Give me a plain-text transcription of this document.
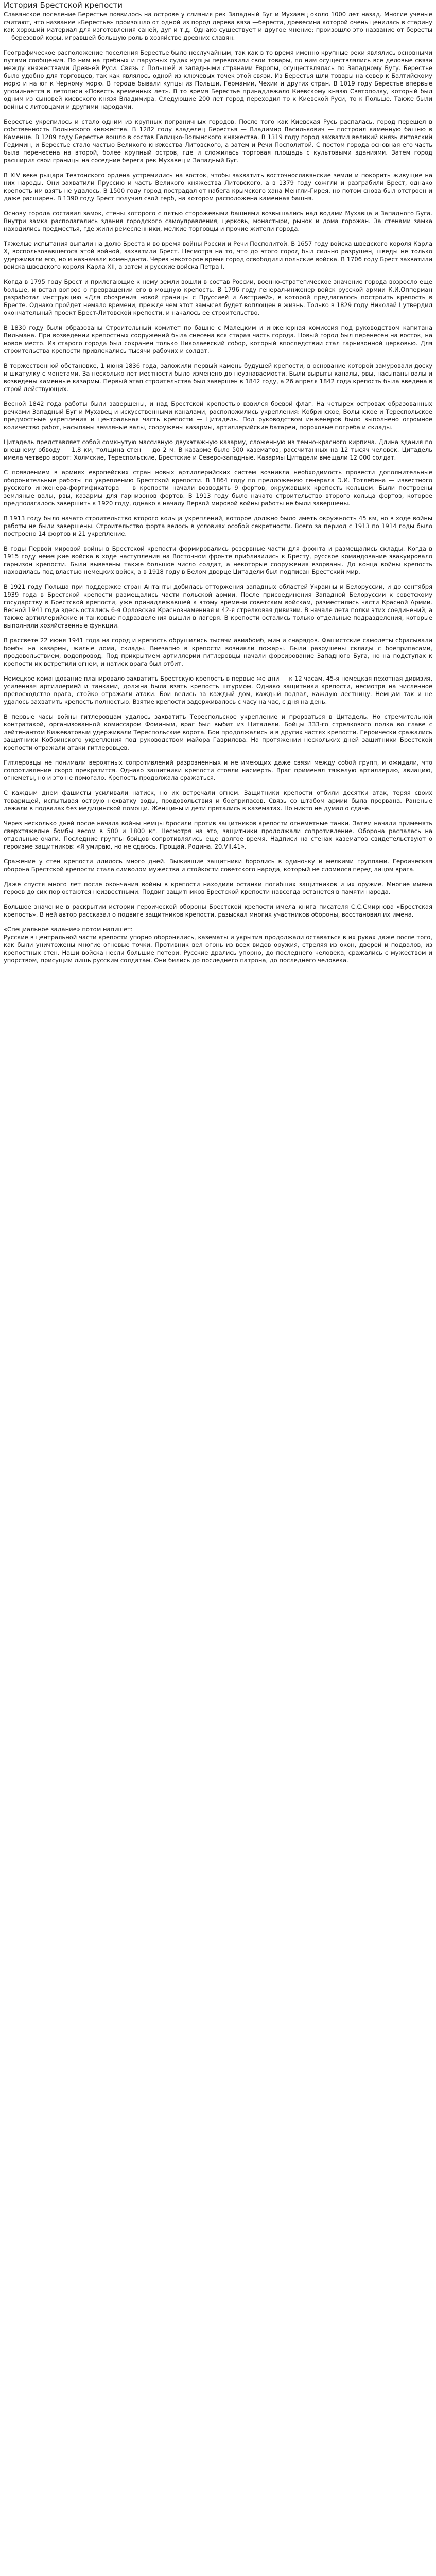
История Брестской крепости

Славянское поселение Берестье появилось на острове у слияния рек Западный Буг и Мухавец около 1000 лет назад. Многие ученые считают, что название «Берестье» произошло от одной из пород дерева вяза —береста, древесина которой очень ценилась в старину как хороший материал для изготовления саней, дуг и т.д. Однако существует и другое мнение: произошло это название от бересты — березовой коры, игравшей большую роль в хозяйстве древних славян.

Географическое расположение поселения Берестье было неслучайным, так как в то время именно крупные реки являлись основными путями сообщения. По ним на гребных и парусных судах купцы перевозили свои товары, по ним осуществлялись все деловые связи между княжествами Древней Руси. Связь с Польшей и западными странами Европы, осуществлялась по Западному Бугу. Берестье было удобно для торговцев, так как являлось одной из ключевых точек этой связи. Из Берестья шли товары на север к Балтийскому морю и на юг к Черному морю. В городе бывали купцы из Польши, Германии, Чехии и других стран. В 1019 году Берестье впервые упоминается в летописи «Повесть временных лет». В то время Берестье принадлежало Киевскому князю Святополку, который был одним из сыновей киевского князя Владимира. Следующие 200 лет город переходил то к Киевской Руси, то к Польше. Также были войны с литовцами и другими народами.

Берестье укрепилось и стало одним из крупных пограничных городов. После того как Киевская Русь распалась, город перешел в собственность Волынского княжества. В 1282 году владелец Берестья — Владимир Василькович — построил каменную башню в Каменце. В 1289 году Берестье вошло в состав Галицко-Волынского княжества. В 1319 году город захватил великий князь литовский Гедимин, и Берестье стало частью Великого княжества Литовского, а затем и Речи Посполитой. С постом города основная его часть была перенесена на второй, более крупный остров, где и сложилась торговая площадь с культовыми зданиями. Затем город расширил свои границы на соседние берега рек Мухавец и Западный Буг.

В XIV веке рыцари Тевтонского ордена устремились на восток, чтобы захватить восточнославянские земли и покорить живущие на них народы. Они захватили Пруссию и часть Великого княжества Литовского, а в 1379 году сожгли и разграбили Брест, однако крепость им взять не удалось. В 1500 году город пострадал от набега крымского хана Менгли-Гирея, но потом снова был отстроен и даже расширен. В 1390 году Брест получил свой герб, на котором расположена каменная башня.

Основу города составил замок, стены которого с пятью сторожевыми башнями возвышались над водами Мухавца и Западного Буга. Внутри замка располагались здания городского самоуправления, церковь, монастыри, рынок и дома горожан. За стенами замка находились предместья, где жили ремесленники, мелкие торговцы и прочие жители города.

Тяжелые испытания выпали на долю Бреста и во время войны России и Речи Посполитой. В 1657 году войска шведского короля Карла X, воспользовавшегося этой войной, захватили Брест. Несмотря на то, что до этого город был сильно разрушен, шведы не только удерживали его, но и назначали коменданта. Через некоторое время город освободили польские войска. В 1706 году Брест захватили войска шведского короля Карла XII, а затем и русские войска Петра I.

Когда в 1795 году Брест и прилегающие к нему земли вошли в состав России, военно-стратегическое значение города возросло еще больше, и встал вопрос о превращении его в мощную крепость. В 1796 году генерал-инженер войск русской армии К.И.Опперман разработал инструкцию «Для обозрения новой границы с Пруссией и Австрией», в которой предлагалось построить крепость в Бресте. Однако пройдет немало времени, прежде чем этот замысел будет воплощен в жизнь. Только в 1829 году Николай I утвердил окончательный проект Брест-Литовской крепости, и началось ее строительство.

В 1830 году были образованы Строительный комитет по башне с Малецким и инженерная комиссия под руководством капитана Вильмана. При возведении крепостных сооружений была снесена вся старая часть города. Новый город был перенесен на восток, на новое место. Из старого города был сохранен только Николаевский собор, который впоследствии стал гарнизонной церковью. Для строительства крепости привлекались тысячи рабочих и солдат.

В торжественной обстановке, 1 июня 1836 года, заложили первый камень будущей крепости, в основание которой замуровали доску и шкатулку с монетами. За несколько лет местности было изменено до неузнаваемости. Были вырыты каналы, рвы, насыпаны валы и возведены каменные казармы. Первый этап строительства был завершен в 1842 году, а 26 апреля 1842 года крепость была введена в строй действующих.

Весной 1842 года работы были завершены, и над Брестской крепостью взвился боевой флаг. На четырех островах образованных речками Западный Буг и Мухавец и искусственными каналами, расположились укрепления: Кобринское, Волынское и Тереспольское предмостные укрепления и центральная часть крепости — Цитадель. Под руководством инженеров было выполнено огромное количество работ, насыпаны земляные валы, сооружены казармы, артиллерийские батареи, пороховые погреба и склады.

Цитадель представляет собой сомкнутую массивную двухэтажную казарму, сложенную из темно-красного кирпича. Длина здания по внешнему обводу — 1,8 км, толщина стен — до 2 м. В казарме было 500 казематов, рассчитанных на 12 тысяч человек. Цитадель имела четверо ворот: Холмские, Тереспольские, Брестские и Северо-западные. Казармы Цитадели вмещали 12 000 солдат.

С появлением в армиях европейских стран новых артиллерийских систем возникла необходимость провести дополнительные оборонительные работы по укреплению Брестской крепости. В 1864 году по предложению генерала Э.И. Тотлебена — известного русского инженера-фортификатора — в крепости начали возводить 9 фортов, окружавших крепость кольцом. Были построены земляные валы, рвы, казармы для гарнизонов фортов. В 1913 году было начато строительство второго кольца фортов, которое предполагалось завершить к 1920 году, однако к началу Первой мировой войны работы не были завершены.

В 1913 году было начато строительство второго кольца укреплений, которое должно было иметь окружность 45 км, но в ходе войны работы не были завершены. Строительство форта велось в условиях особой секретности. Всего за период с 1913 по 1914 годы было построено 14 фортов и 21 укрепление.

В годы Первой мировой войны в Брестской крепости формировались резервные части для фронта и размещались склады. Когда в 1915 году немецкие войска в ходе наступления на Восточном фронте приблизились к Бресту, русское командование эвакуировало гарнизон крепости. Были вывезены также большое число солдат, а некоторые сооружения взорваны. До конца войны крепость находилась под властью немецких войск, а в 1918 году в Белом дворце Цитадели был подписан Брестский мир.

В 1921 году Польша при поддержке стран Антанты добилась отторжения западных областей Украины и Белоруссии, и до сентября 1939 года в Брестской крепости размещались части польской армии. После присоединения Западной Белоруссии к советскому государству в Брестской крепости, уже принадлежавшей к этому времени советским войскам, разместились части Красной Армии. Весной 1941 года здесь остались 6-я Орловская Краснознаменная и 42-я стрелковая дивизии. В начале лета полки этих соединений, а также артиллерийские и танковые подразделения вышли в лагеря. В крепости остались только отдельные подразделения, которые выполняли хозяйственные функции.

В рассвете 22 июня 1941 года на город и крепость обрушились тысячи авиабомб, мин и снарядов. Фашистские самолеты сбрасывали бомбы на казармы, жилые дома, склады. Внезапно в крепости возникли пожары. Были разрушены склады с боеприпасами, продовольствием, водопровод. Под прикрытием артиллерии гитлеровцы начали форсирование Западного Буга, но на подступах к крепости их встретили огнем, и натиск врага был отбит.

Немецкое командование планировало захватить Брестскую крепость в первые же дни — к 12 часам. 45-я немецкая пехотная дивизия, усиленная артиллерией и танками, должна была взять крепость штурмом. Однако защитники крепости, несмотря на численное превосходство врага, стойко отражали атаки. Бои велись за каждый дом, каждый подвал, каждую лестницу. Немцам так и не удалось захватить крепость полностью. Взятие крепости задерживалось с часу на час, с дня на день.

В первые часы войны гитлеровцам удалось захватить Тереспольское укрепление и прорваться в Цитадель. Но стремительной контратакой, организованной комиссаром Фоминым, враг был выбит из Цитадели. Бойцы 333-го стрелкового полка во главе с лейтенантом Кижеватовым удерживали Тереспольские ворота. Бои продолжались и в других частях крепости. Героически сражались защитники Кобринского укрепления под руководством майора Гаврилова. На протяжении нескольких дней защитники Брестской крепости отражали атаки гитлеровцев.

Гитлеровцы не понимали вероятных сопротивлений разрозненных и не имеющих даже связи между собой групп, и ожидали, что сопротивление скоро прекратится. Однако защитники крепости стояли насмерть. Враг применял тяжелую артиллерию, авиацию, огнеметы, но и это не помогало. Крепость продолжала сражаться.

С каждым днем фашисты усиливали натиск, но их встречали огнем. Защитники крепости отбили десятки атак, теряя своих товарищей, испытывая острую нехватку воды, продовольствия и боеприпасов. Связь со штабом армии была прервана. Раненые лежали в подвалах без медицинской помощи. Женщины и дети прятались в казематах. Но никто не думал о сдаче.

Через несколько дней после начала войны немцы бросили против защитников крепости огнеметные танки. Затем начали применять сверхтяжелые бомбы весом в 500 и 1800 кг. Несмотря на это, защитники продолжали сопротивление. Оборона распалась на отдельные очаги. Последние группы бойцов сопротивлялись еще долгое время. Надписи на стенах казематов свидетельствуют о героизме защитников: «Я умираю, но не сдаюсь. Прощай, Родина. 20.VII.41».

Сражение у стен крепости длилось много дней. Выжившие защитники боролись в одиночку и мелкими группами. Героическая оборона Брестской крепости стала символом мужества и стойкости советского народа, который не сломился перед лицом врага.

Даже спустя много лет после окончания войны в крепости находили останки погибших защитников и их оружие. Многие имена героев до сих пор остаются неизвестными. Подвиг защитников Брестской крепости навсегда останется в памяти народа.

Большое значение в раскрытии истории героической обороны Брестской крепости имела книга писателя С.С.Смирнова «Брестская крепость». В ней автор рассказал о подвиге защитников крепости, разыскал многих участников обороны, восстановил их имена.

«Специальное задание» потом напишет:

Русские в центральной части крепости упорно оборонялись, казематы и укрытия продолжали оставаться в их руках даже после того, как были уничтожены многие огневые точки. Противник вел огонь из всех видов оружия, стреляя из окон, дверей и подвалов, из крепостных стен. Наши войска несли большие потери. Русские дрались упорно, до последнего человека, сражались с мужеством и упорством, присущим лишь русским солдатам. Они бились до последнего патрона, до последнего человека.
